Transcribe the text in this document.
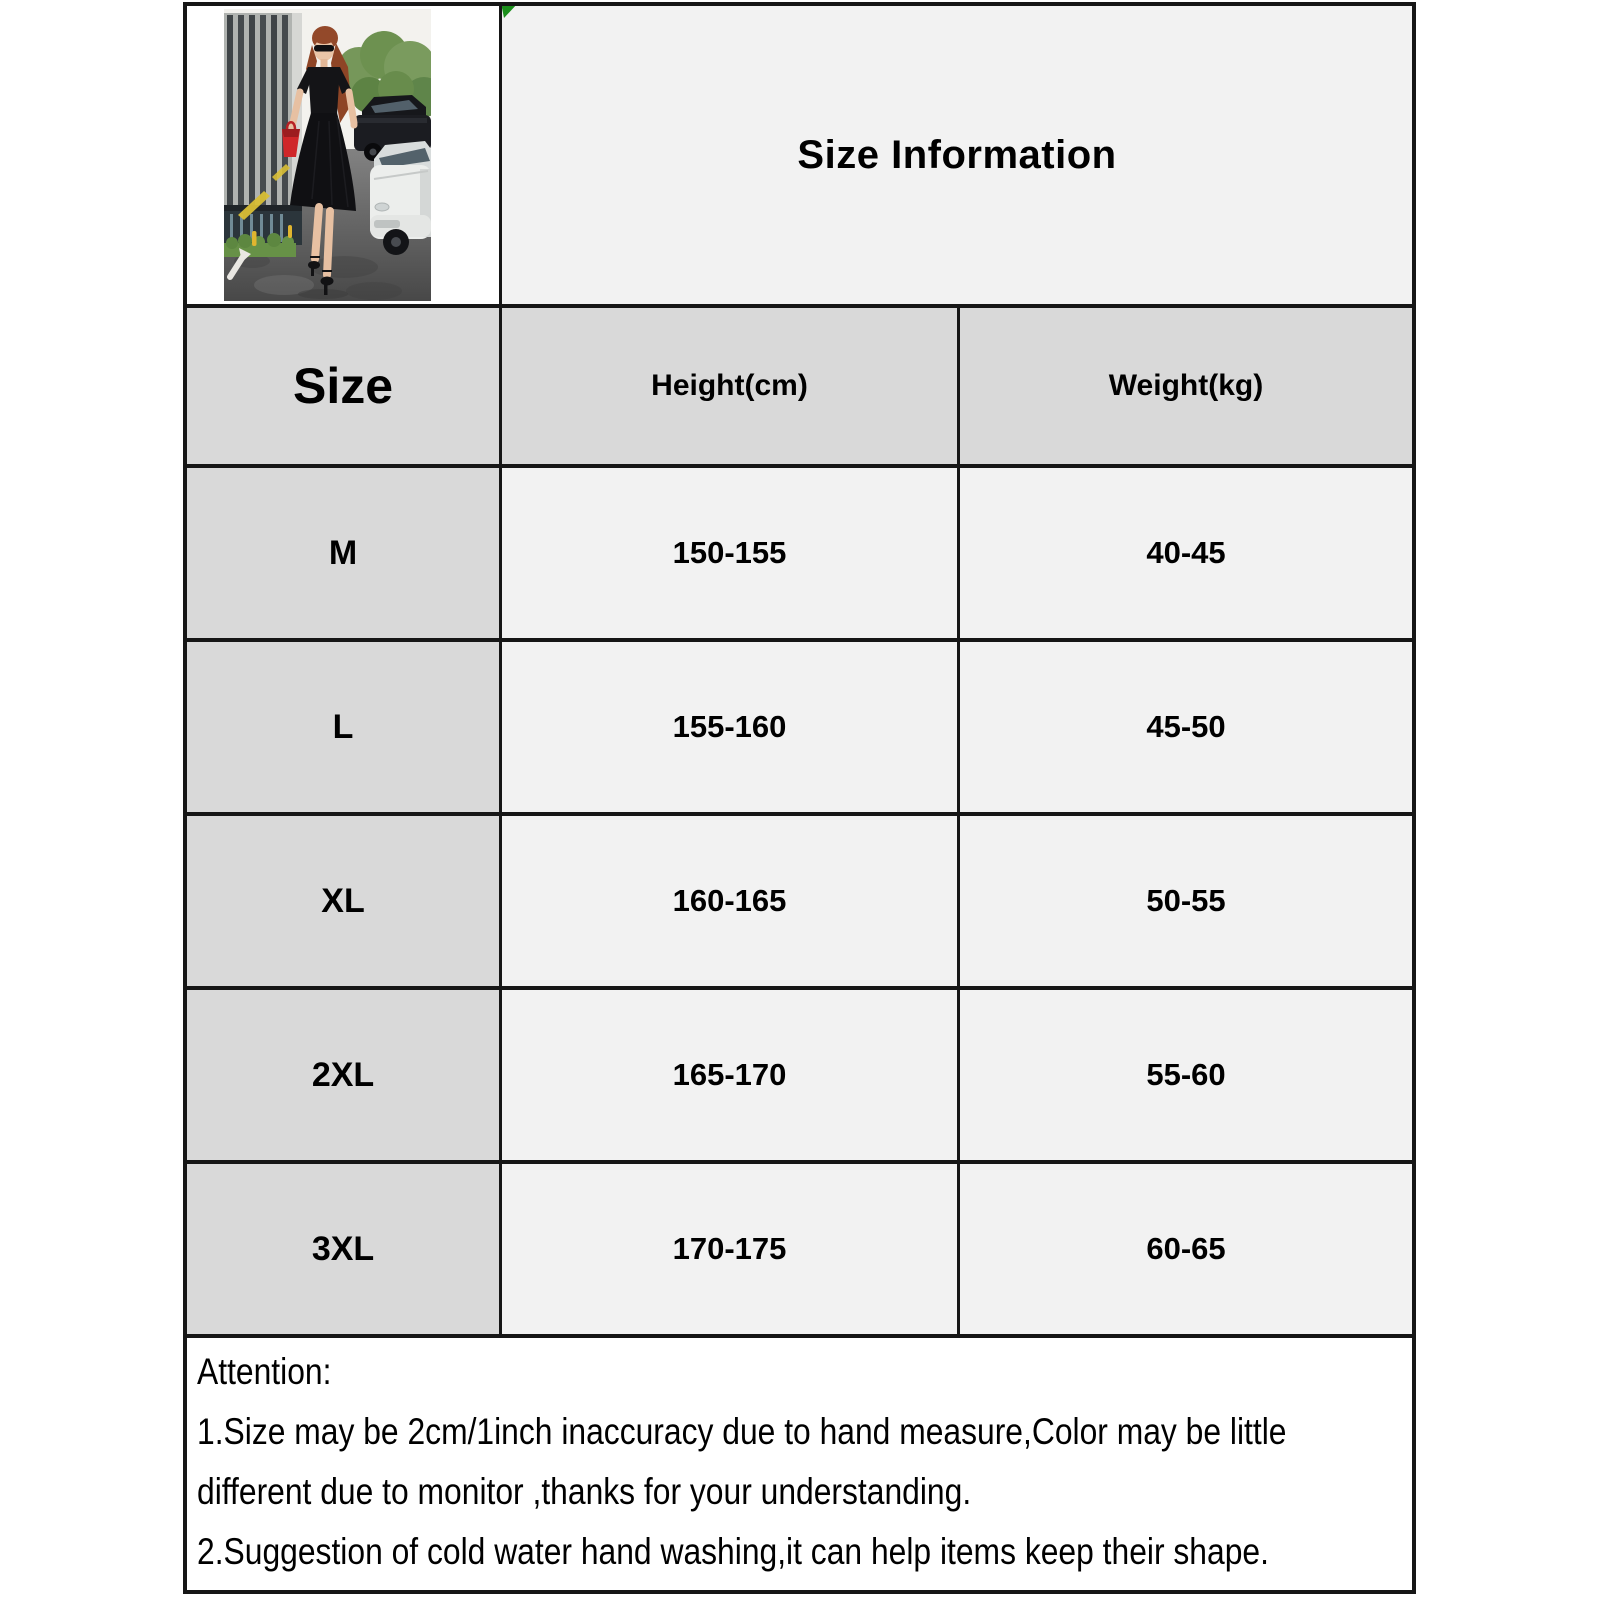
Size Information
Size	Height(cm)	Weight(kg)
M	150-155	40-45
L	155-160	45-50
XL	160-165	50-55
2XL	165-170	55-60
3XL	170-175	60-65
Attention:
1.Size may be 2cm/1inch inaccuracy due to hand measure,Color may be little
different due to monitor ,thanks for your understanding.
2.Suggestion of cold water hand washing,it can help items keep their shape.
